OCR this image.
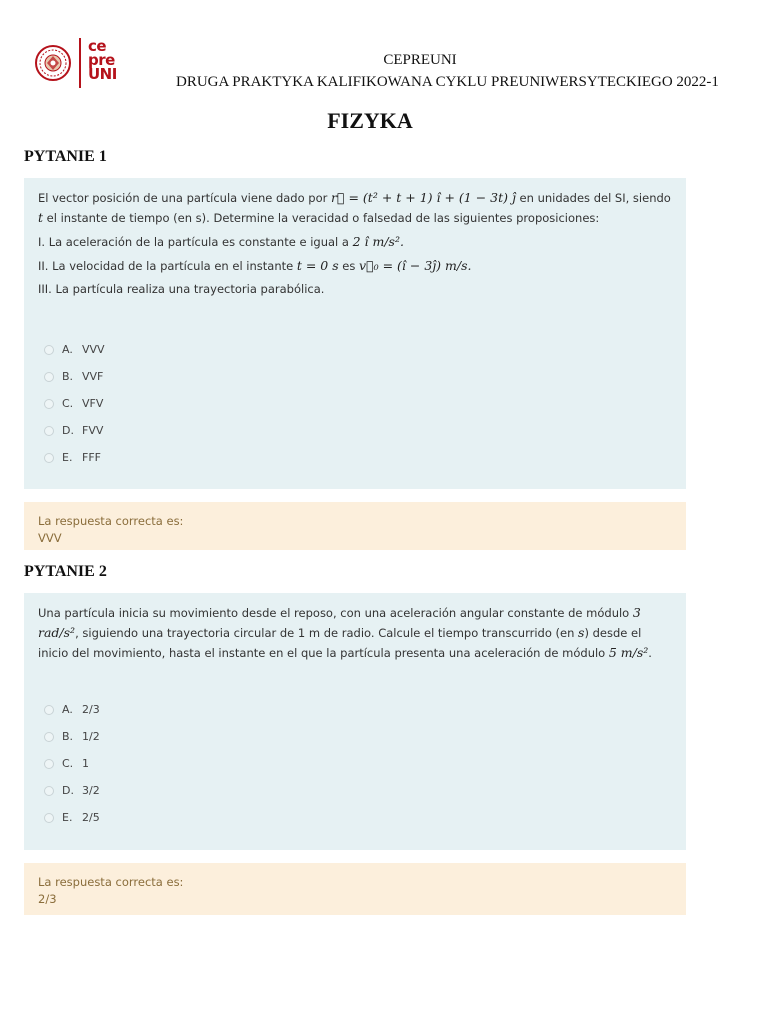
ce
pre
UNI
CEPREUNI
DRUGA PRAKTYKA KALIFIKOWANA CYKLU PREUNIWERSYTECKIEGO 2022-1
FIZYKA
PYTANIE 1

El vector posición de una partícula viene dado por r⃗ = (t² + t + 1) î + (1 − 3t) ĵ en unidades del SI, siendo t el instante de tiempo (en s). Determine la veracidad o falsedad de las siguientes proposiciones:

I. La aceleración de la partícula es constante e igual a 2 î m/s².

II. La velocidad de la partícula en el instante t = 0 s es v⃗₀ = (î − 3ĵ) m/s.

III. La partícula realiza una trayectoria parabólica.

A. VVV
B. VVF
C. VFV
D. FVV
E. FFF
La respuesta correcta es:
VVV
PYTANIE 2

Una partícula inicia su movimiento desde el reposo, con una aceleración angular constante de módulo 3 rad/s², siguiendo una trayectoria circular de 1 m de radio. Calcule el tiempo transcurrido (en s) desde el inicio del movimiento, hasta el instante en el que la partícula presenta una aceleración de módulo 5 m/s².

A. 2/3
B. 1/2
C. 1
D. 3/2
E. 2/5
La respuesta correcta es:
2/3
